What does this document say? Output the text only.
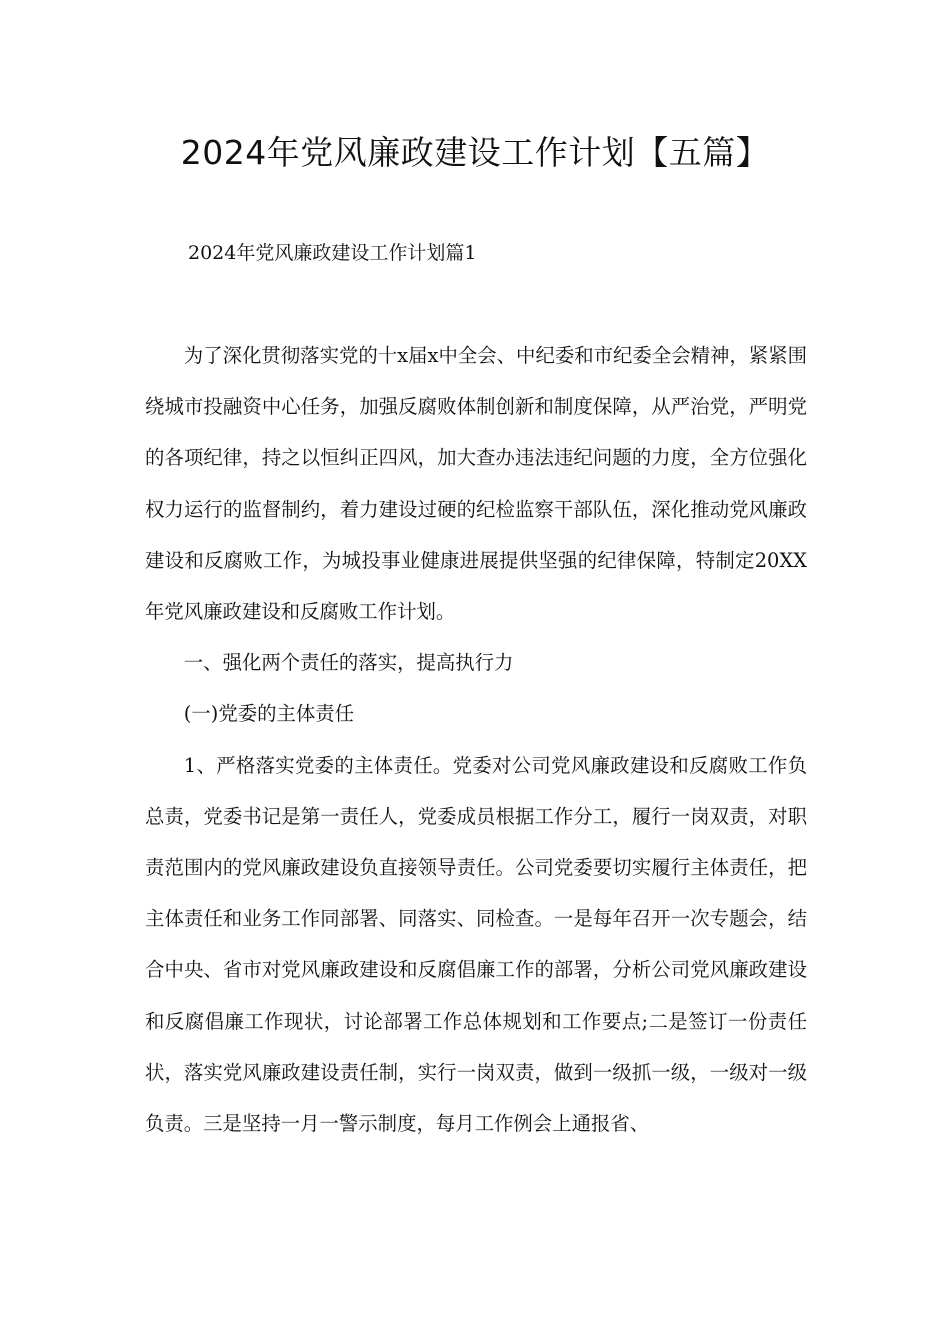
2024年党风廉政建设工作计划【五篇】

2024年党风廉政建设工作计划篇1

为了深化贯彻落实党的十x届x中全会、中纪委和市纪委全会精神，紧紧围绕城市投融资中心任务，加强反腐败体制创新和制度保障，从严治党，严明党的各项纪律，持之以恒纠正四风，加大查办违法违纪问题的力度，全方位强化权力运行的监督制约，着力建设过硬的纪检监察干部队伍，深化推动党风廉政建设和反腐败工作，为城投事业健康进展提供坚强的纪律保障，特制定20XX年党风廉政建设和反腐败工作计划。

一、强化两个责任的落实，提高执行力

(一)党委的主体责任

1、严格落实党委的主体责任。党委对公司党风廉政建设和反腐败工作负总责，党委书记是第一责任人，党委成员根据工作分工，履行一岗双责，对职责范围内的党风廉政建设负直接领导责任。公司党委要切实履行主体责任，把主体责任和业务工作同部署、同落实、同检查。一是每年召开一次专题会，结合中央、省市对党风廉政建设和反腐倡廉工作的部署，分析公司党风廉政建设和反腐倡廉工作现状，讨论部署工作总体规划和工作要点;二是签订一份责任状，落实党风廉政建设责任制，实行一岗双责，做到一级抓一级，一级对一级负责。三是坚持一月一警示制度，每月工作例会上通报省、
